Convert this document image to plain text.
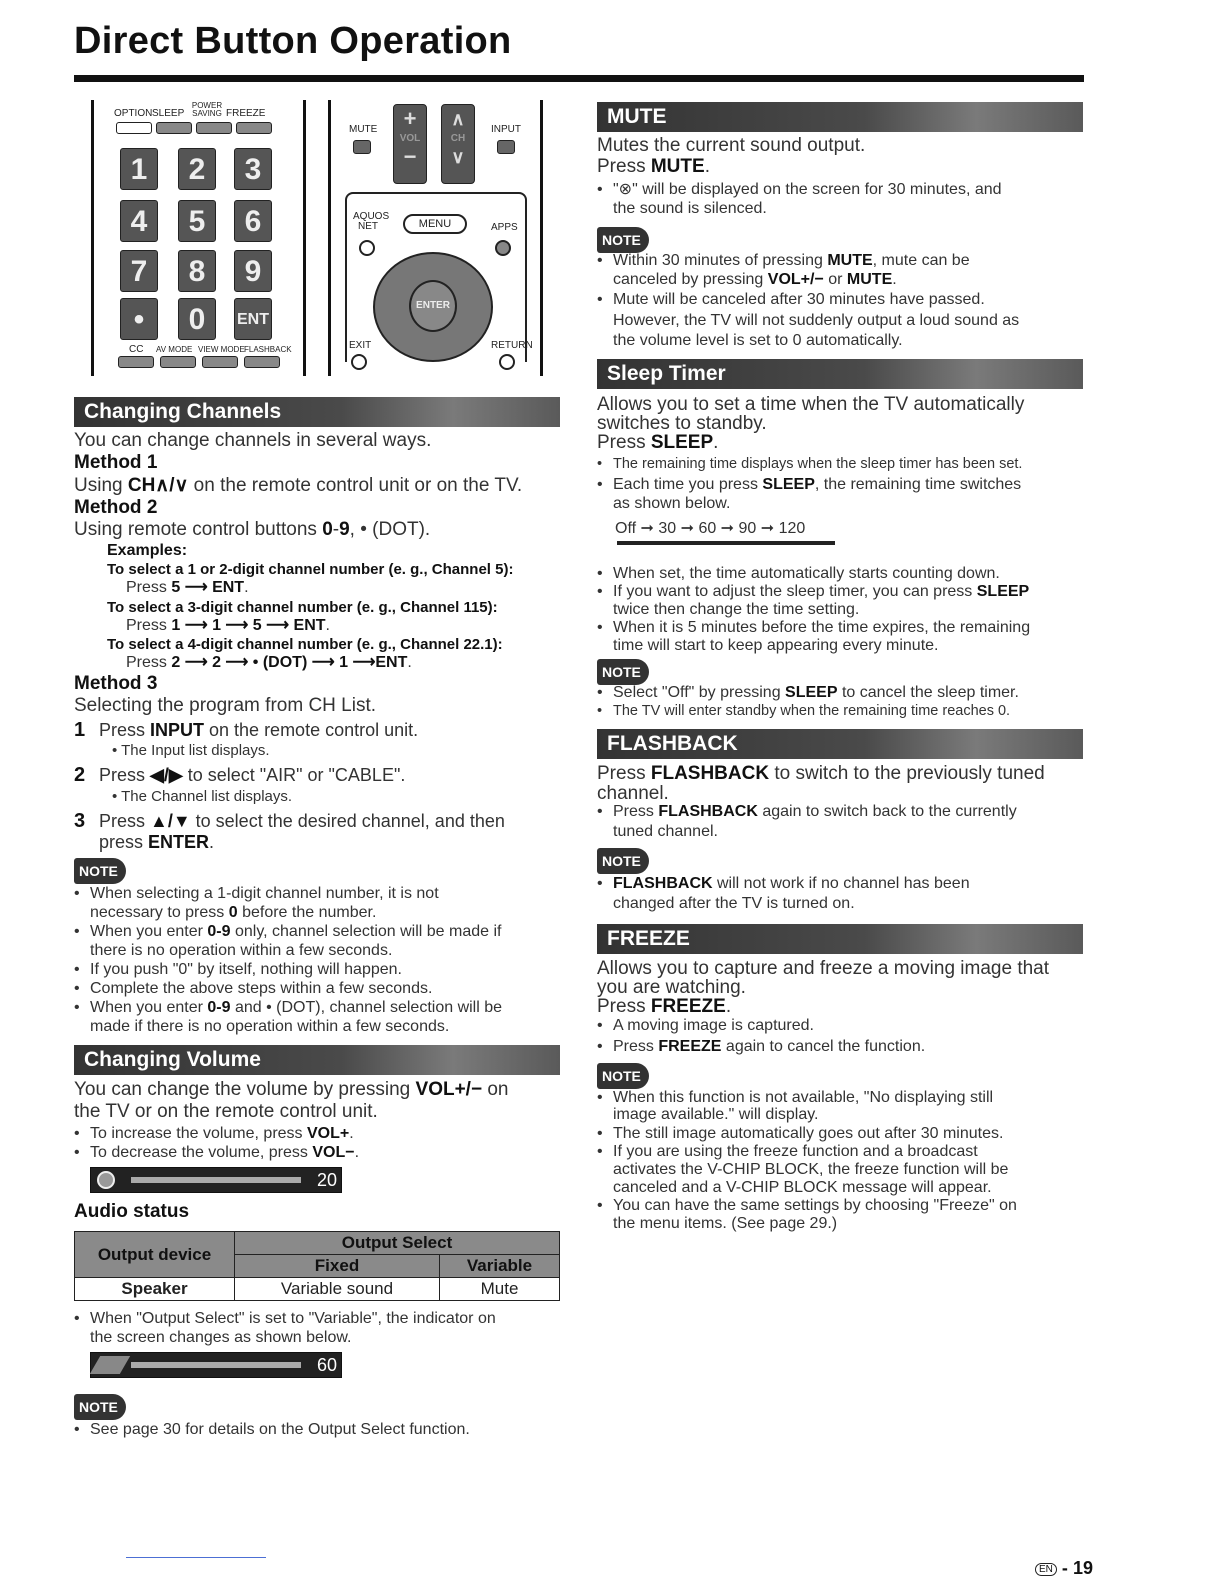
Direct Button Operation
OPTION SLEEP
POWER SAVING FREEZE
1	2	3
4	5	6
7	8	9
•	0	ENT
CC AV MODE VIEW MODE FLASHBACK
MUTE	+
VOL
−
∧
CH
∨
INPUT
AQUOS NET	MENU	APPS
ENTER
EXIT	RETURN
Changing Channels
You can change channels in several ways.
Method 1
Using CH∧/∨ on the remote control unit or on the TV.
Method 2
Using remote control buttons 0-9, • (DOT).
Examples:
To select a 1 or 2-digit channel number (e. g., Channel 5):
Press 5 ⟶ ENT.
To select a 3-digit channel number (e. g., Channel 115):
Press 1 ⟶ 1 ⟶ 5 ⟶ ENT.
To select a 4-digit channel number (e. g., Channel 22.1):
Press 2 ⟶ 2 ⟶ • (DOT) ⟶ 1 ⟶ENT.
Method 3
Selecting the program from CH List.
1 Press INPUT on the remote control unit.
• The Input list displays.
2 Press ◀/▶ to select "AIR" or "CABLE".
• The Channel list displays.
3 Press ▲/▼ to select the desired channel, and then
press ENTER.
NOTE
• When selecting a 1-digit channel number, it is not
necessary to press 0 before the number.
• When you enter 0-9 only, channel selection will be made if
there is no operation within a few seconds.
• If you push "0" by itself, nothing will happen.
• Complete the above steps within a few seconds.
• When you enter 0-9 and • (DOT), channel selection will be
made if there is no operation within a few seconds.
Changing Volume
You can change the volume by pressing VOL+/− on
the TV or on the remote control unit.
• To increase the volume, press VOL+.
• To decrease the volume, press VOL−.
20
Audio status
Output device	Output Select	
	Fixed	Variable
Speaker	Variable sound	Mute
• When "Output Select" is set to "Variable", the indicator on
the screen changes as shown below.
60
NOTE
• See page 30 for details on the Output Select function.
MUTE
Mutes the current sound output.
Press MUTE.
• "⊗" will be displayed on the screen for 30 minutes, and
the sound is silenced.
NOTE
• Within 30 minutes of pressing MUTE, mute can be
canceled by pressing VOL+/− or MUTE.
• Mute will be canceled after 30 minutes have passed.
However, the TV will not suddenly output a loud sound as
the volume level is set to 0 automatically.
Sleep Timer
Allows you to set a time when the TV automatically
switches to standby.
Press SLEEP.
• The remaining time displays when the sleep timer has been set.
• Each time you press SLEEP, the remaining time switches
as shown below.
Off ➞ 30 ➞ 60 ➞ 90 ➞ 120
• When set, the time automatically starts counting down.
• If you want to adjust the sleep timer, you can press SLEEP
twice then change the time setting.
• When it is 5 minutes before the time expires, the remaining
time will start to keep appearing every minute.
NOTE
• Select "Off" by pressing SLEEP to cancel the sleep timer.
• The TV will enter standby when the remaining time reaches 0.
FLASHBACK
Press FLASHBACK to switch to the previously tuned
channel.
• Press FLASHBACK again to switch back to the currently
tuned channel.
NOTE
• FLASHBACK will not work if no channel has been
changed after the TV is turned on.
FREEZE
Allows you to capture and freeze a moving image that
you are watching.
Press FREEZE.
• A moving image is captured.
• Press FREEZE again to cancel the function.
NOTE
• When this function is not available, "No displaying still
image available." will display.
• The still image automatically goes out after 30 minutes.
• If you are using the freeze function and a broadcast
activates the V-CHIP BLOCK, the freeze function will be
canceled and a V-CHIP BLOCK message will appear.
• You can have the same settings by choosing "Freeze" on
the menu items. (See page 29.)
EN - 19
